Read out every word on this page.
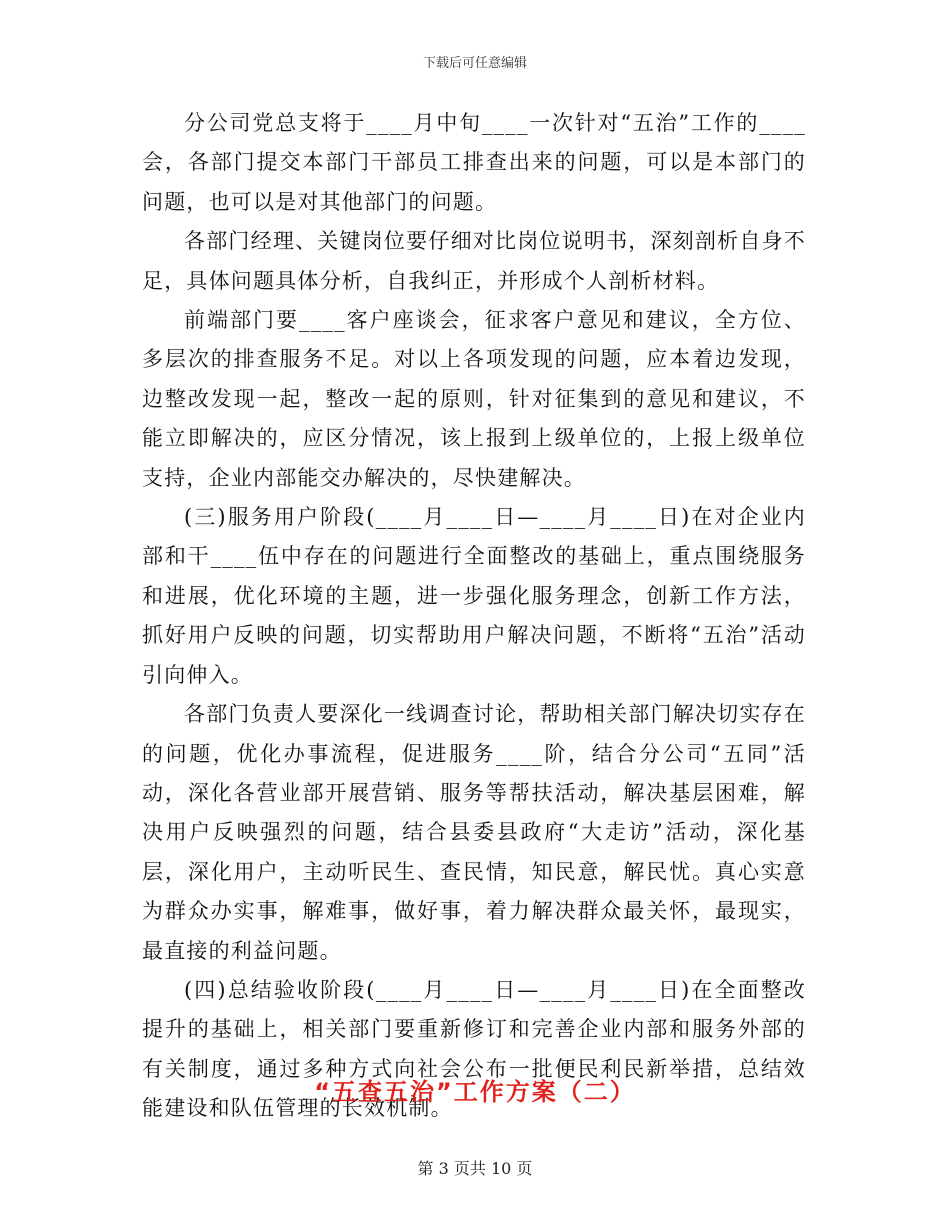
下载后可任意编辑

分公司党总支将于____月中旬____一次针对“五治”工作的____会，各部门提交本部门干部员工排查出来的问题，可以是本部门的问题，也可以是对其他部门的问题。

各部门经理、关键岗位要仔细对比岗位说明书，深刻剖析自身不足，具体问题具体分析，自我纠正，并形成个人剖析材料。

前端部门要____客户座谈会，征求客户意见和建议，全方位、多层次的排查服务不足。对以上各项发现的问题，应本着边发现，边整改发现一起，整改一起的原则，针对征集到的意见和建议，不能立即解决的，应区分情况，该上报到上级单位的，上报上级单位支持，企业内部能交办解决的，尽快建解决。

(三)服务用户阶段(____月____日—____月____日)在对企业内部和干____伍中存在的问题进行全面整改的基础上，重点围绕服务和进展，优化环境的主题，进一步强化服务理念，创新工作方法，抓好用户反映的问题，切实帮助用户解决问题，不断将“五治”活动引向伸入。

各部门负责人要深化一线调查讨论，帮助相关部门解决切实存在的问题，优化办事流程，促进服务____阶，结合分公司“五同”活动，深化各营业部开展营销、服务等帮扶活动，解决基层困难，解决用户反映强烈的问题，结合县委县政府“大走访”活动，深化基层，深化用户，主动听民生、查民情，知民意，解民忧。真心实意为群众办实事，解难事，做好事，着力解决群众最关怀，最现实，最直接的利益问题。

(四)总结验收阶段(____月____日—____月____日)在全面整改提升的基础上，相关部门要重新修订和完善企业内部和服务外部的有关制度，通过多种方式向社会公布一批便民利民新举措，总结效能建设和队伍管理的长效机制。

“五查五治”工作方案（二）
第 3 页共 10 页
